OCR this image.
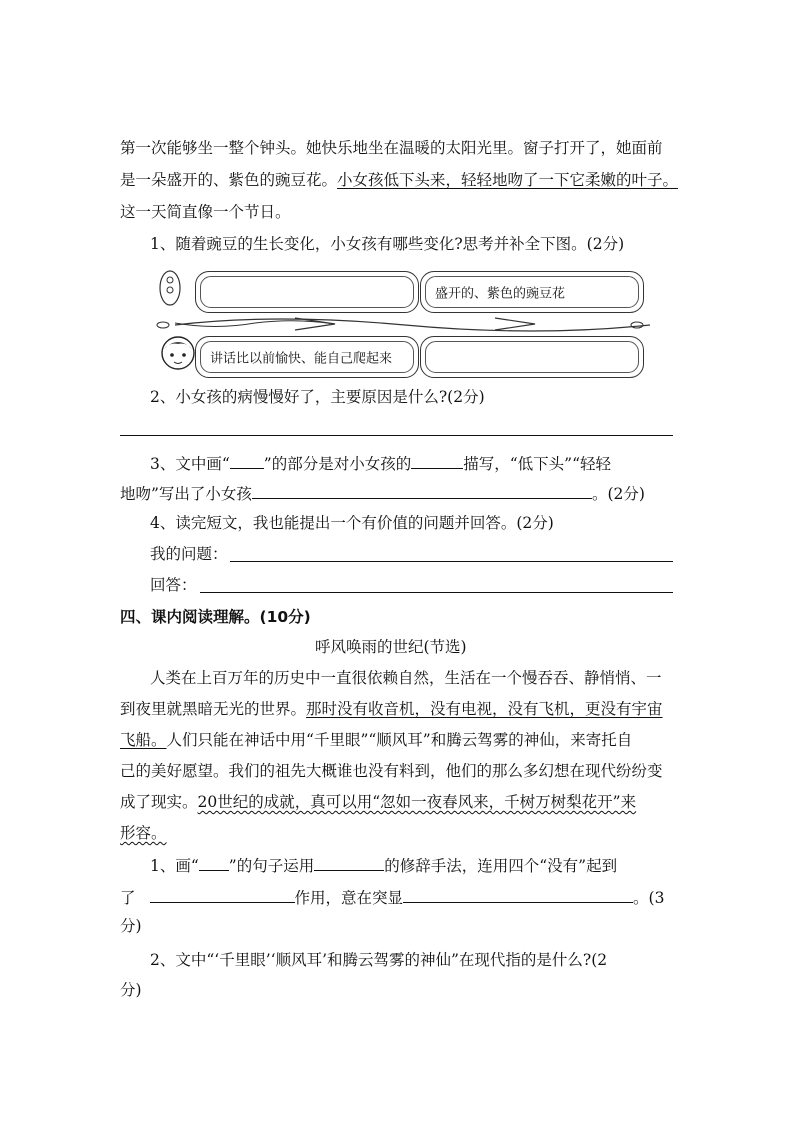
第一次能够坐一整个钟头。她快乐地坐在温暖的太阳光里。窗子打开了，她面前
是一朵盛开的、紫色的豌豆花。小女孩低下头来，轻轻地吻了一下它柔嫩的叶子。
这一天简直像一个节日。
1、随着豌豆的生长变化，小女孩有哪些变化?思考并补全下图。(2分)
盛开的、紫色的豌豆花
讲话比以前愉快、能自己爬起来
2、小女孩的病慢慢好了，主要原因是什么?(2分)
3、文中画“ ”的部分是对小女孩的	描写，“低下头”“轻轻
地吻”写出了小女孩	。(2分)
4、读完短文，我也能提出一个有价值的问题并回答。(2分)
我的问题：
回答：
四、课内阅读理解。(10分)
呼风唤雨的世纪(节选)
人类在上百万年的历史中一直很依赖自然，生活在一个慢吞吞、静悄悄、一
到夜里就黑暗无光的世界。那时没有收音机，没有电视，没有飞机，更没有宇宙
飞船。人们只能在神话中用“千里眼”“顺风耳”和腾云驾雾的神仙，来寄托自
己的美好愿望。我们的祖先大概谁也没有料到，他们的那么多幻想在现代纷纷变
成了现实。20世纪的成就，真可以用“忽如一夜春风来，千树万树梨花开”来
形容。
1、画“ ”的句子运用	的修辞手法，连用四个“没有”起到
了	作用，意在突显	。(3
分)
2、文中“‘千里眼’‘顺风耳’和腾云驾雾的神仙”在现代指的是什么?(2
分)
